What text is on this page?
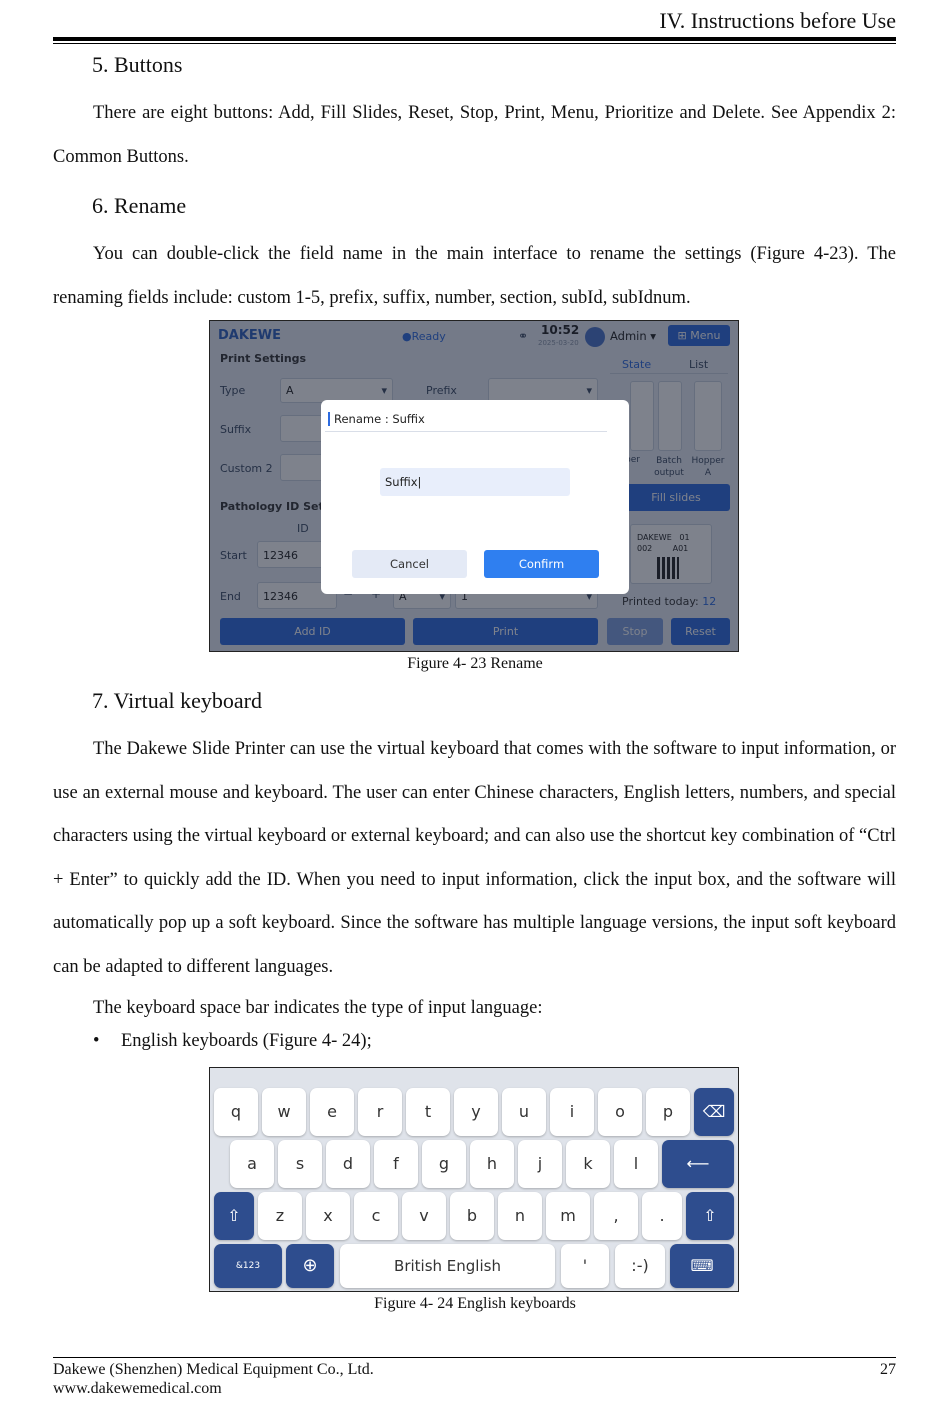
IV. Instructions before Use
5. Buttons
There are eight buttons: Add, Fill Slides, Reset, Stop, Print, Menu, Prioritize and Delete. See Appendix 2: Common Buttons.
6. Rename
You can double-click the field name in the main interface to rename the settings (Figure 4-23). The renaming fields include: custom 1-5, prefix, suffix, number, section, subId, subIdnum.
Rename : Suffix
Suffix|
Cancel	Confirm
Figure 4- 23 Rename
7. Virtual keyboard
The Dakewe Slide Printer can use the virtual keyboard that comes with the software to input information, or use an external mouse and keyboard. The user can enter Chinese characters, English letters, numbers, and special characters using the virtual keyboard or external keyboard; and can also use the shortcut key combination of “Ctrl + Enter” to quickly add the ID. When you need to input information, click the input box, and the software will automatically pop up a soft keyboard. Since the software has multiple language versions, the input soft keyboard can be adapted to different languages.
The keyboard space bar indicates the type of input language:
• English keyboards (Figure 4- 24);
q	w	e	r	t	y	u	i	o	p	⌫
a	s	d	f	g	h	j	k	l	⟵
⇧	z	x	c	v	b	n	m	,	.	⇧
&123	⊕	British English	'	:-)	⌨
Figure 4- 24 English keyboards
Dakewe (Shenzhen) Medical Equipment Co., Ltd.
www.dakewemedical.com
27
